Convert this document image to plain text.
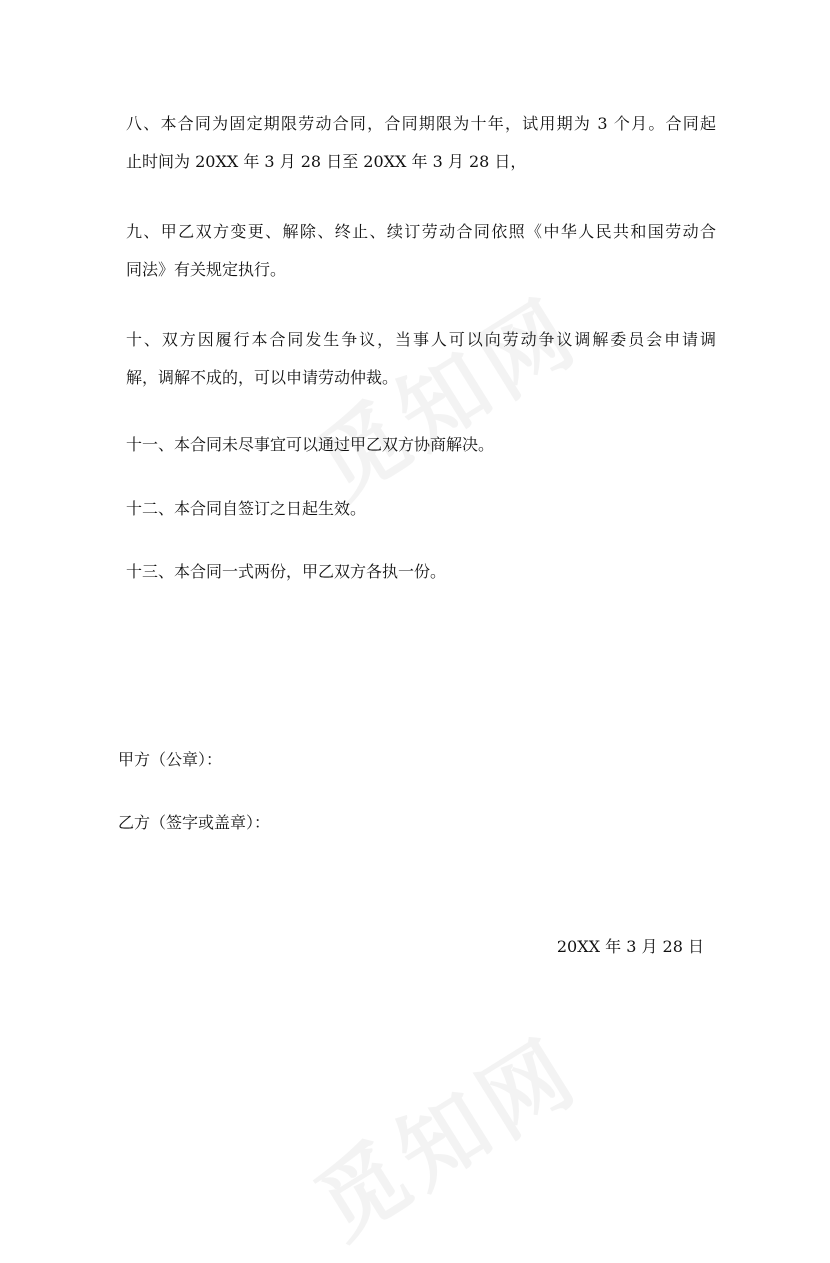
八、本合同为固定期限劳动合同，合同期限为十年，试用期为 3 个月。合同起
止时间为 20XX 年 3 月 28 日至 20XX 年 3 月 28 日，
九、甲乙双方变更、解除、终止、续订劳动合同依照《中华人民共和国劳动合
同法》有关规定执行。
十、双方因履行本合同发生争议，当事人可以向劳动争议调解委员会申请调
解，调解不成的，可以申请劳动仲裁。
十一、本合同未尽事宜可以通过甲乙双方协商解决。
十二、本合同自签订之日起生效。
十三、本合同一式两份，甲乙双方各执一份。

甲方（公章）：

乙方（签字或盖章）：

20XX 年 3 月 28 日
